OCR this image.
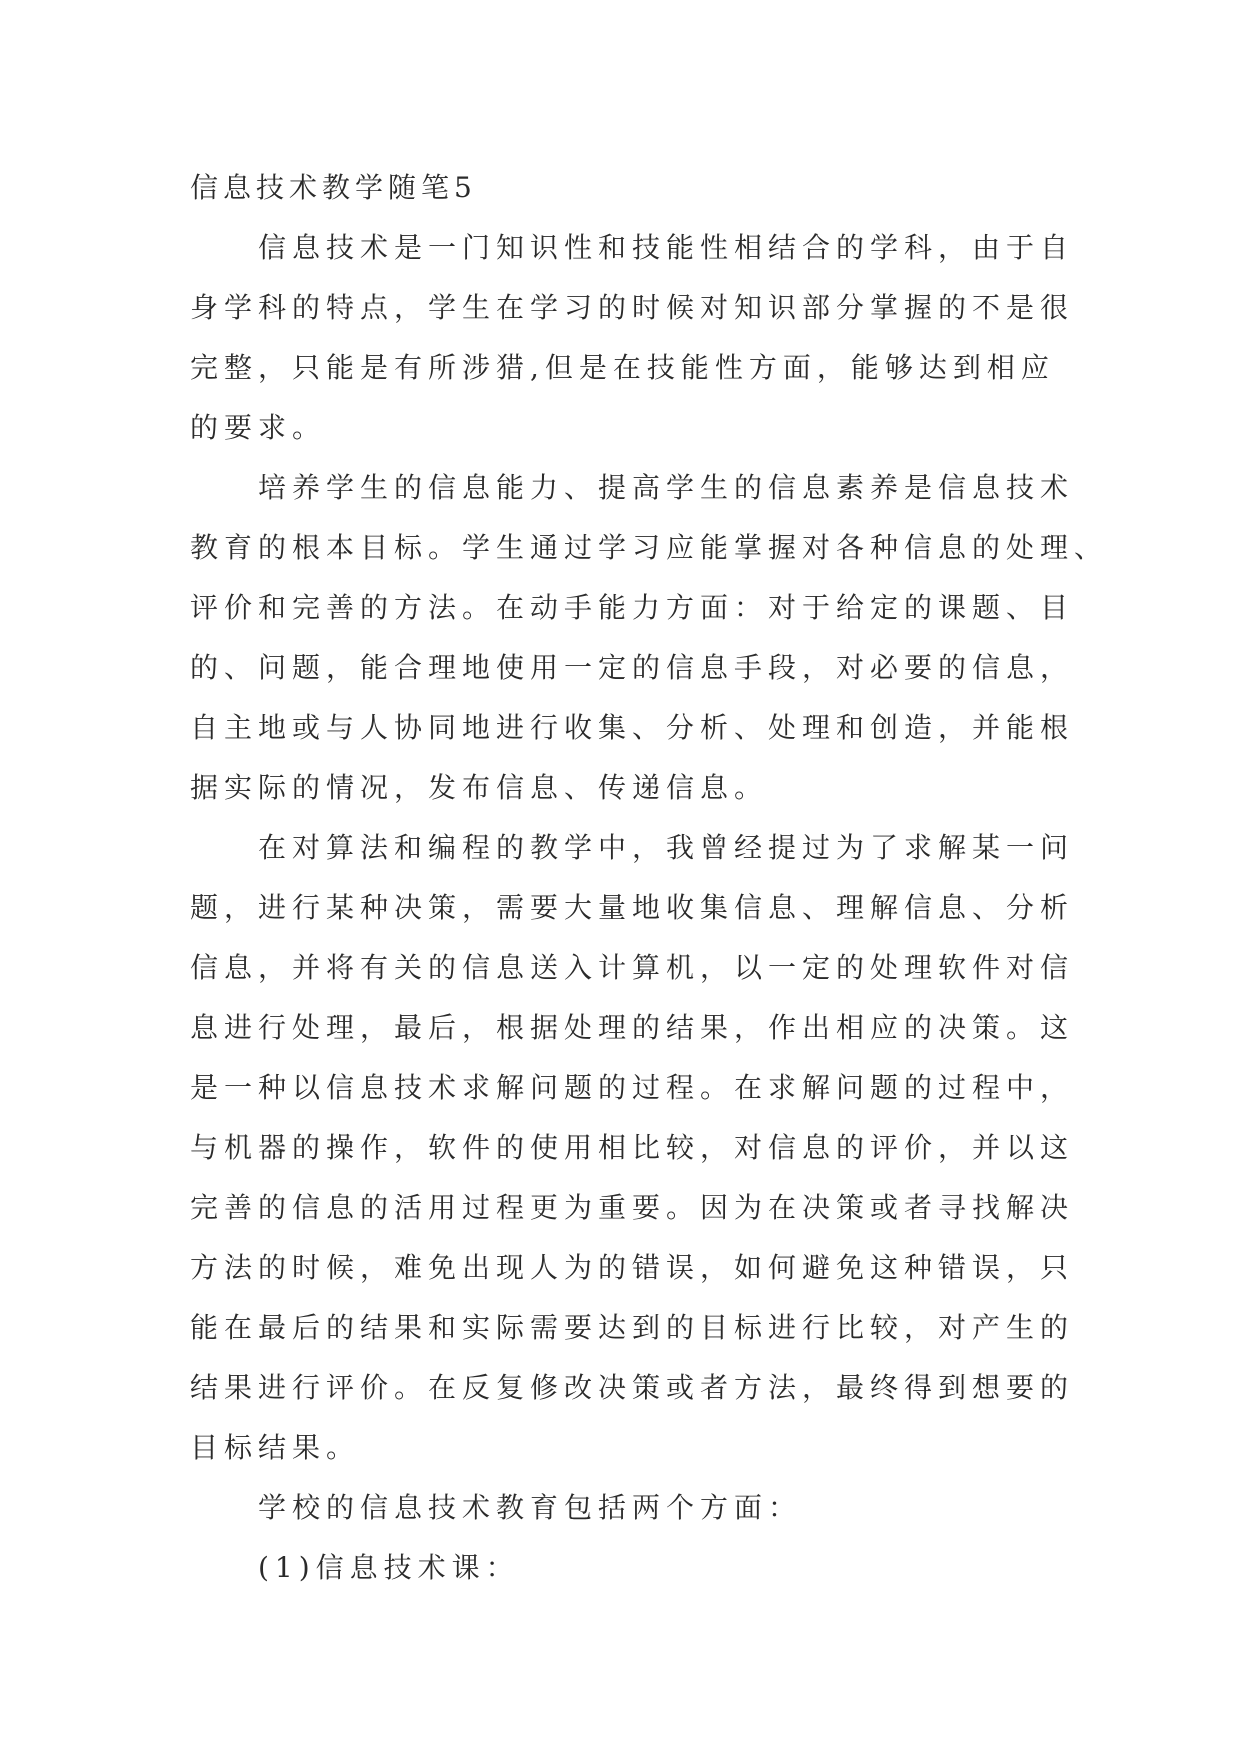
信息技术教学随笔5
信息技术是一门知识性和技能性相结合的学科，由于自
身学科的特点，学生在学习的时候对知识部分掌握的不是很
完整，只能是有所涉猎,但是在技能性方面，能够达到相应
的要求。
培养学生的信息能力、提高学生的信息素养是信息技术
教育的根本目标。学生通过学习应能掌握对各种信息的处理、
评价和完善的方法。在动手能力方面：对于给定的课题、目
的、问题，能合理地使用一定的信息手段，对必要的信息，
自主地或与人协同地进行收集、分析、处理和创造，并能根
据实际的情况，发布信息、传递信息。
在对算法和编程的教学中，我曾经提过为了求解某一问
题，进行某种决策，需要大量地收集信息、理解信息、分析
信息，并将有关的信息送入计算机，以一定的处理软件对信
息进行处理，最后，根据处理的结果，作出相应的决策。这
是一种以信息技术求解问题的过程。在求解问题的过程中，
与机器的操作，软件的使用相比较，对信息的评价，并以这
完善的信息的活用过程更为重要。因为在决策或者寻找解决
方法的时候，难免出现人为的错误，如何避免这种错误，只
能在最后的结果和实际需要达到的目标进行比较，对产生的
结果进行评价。在反复修改决策或者方法，最终得到想要的
目标结果。
学校的信息技术教育包括两个方面：
(1)信息技术课：
